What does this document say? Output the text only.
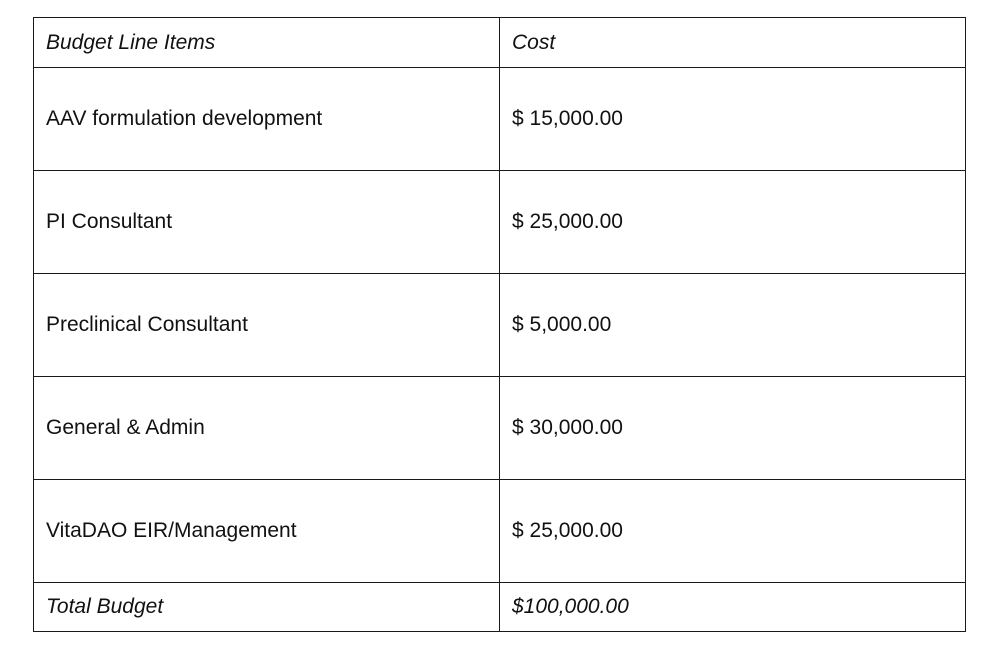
Budget Line Items	Cost
AAV formulation development	$ 15,000.00
PI Consultant	$ 25,000.00
Preclinical Consultant	$ 5,000.00
General & Admin	$ 30,000.00
VitaDAO EIR/Management	$ 25,000.00
Total Budget	$100,000.00
